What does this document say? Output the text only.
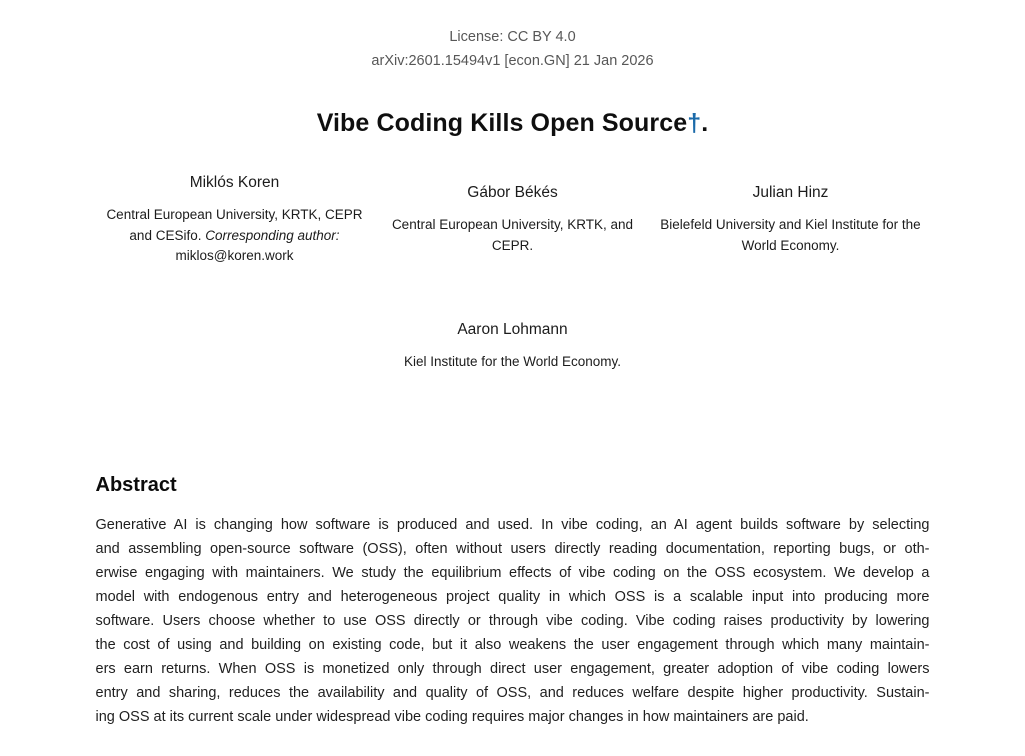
License: CC BY 4.0
arXiv:2601.15494v1 [econ.GN] 21 Jan 2026
Vibe Coding Kills Open Source†.
Miklós Koren
Central European University, KRTK, CEPR and CESifo. Corresponding author: miklos@koren.work
Gábor Békés
Central European University, KRTK, and CEPR.
Julian Hinz
Bielefeld University and Kiel Institute for the World Economy.
Aaron Lohmann
Kiel Institute for the World Economy.
Abstract
Generative AI is changing how software is produced and used. In vibe coding, an AI agent builds software by selecting
and assembling open-source software (OSS), often without users directly reading documentation, reporting bugs, or oth-
erwise engaging with maintainers. We study the equilibrium effects of vibe coding on the OSS ecosystem. We develop a
model with endogenous entry and heterogeneous project quality in which OSS is a scalable input into producing more
software. Users choose whether to use OSS directly or through vibe coding. Vibe coding raises productivity by lowering
the cost of using and building on existing code, but it also weakens the user engagement through which many maintain-
ers earn returns. When OSS is monetized only through direct user engagement, greater adoption of vibe coding lowers
entry and sharing, reduces the availability and quality of OSS, and reduces welfare despite higher productivity. Sustain-
ing OSS at its current scale under widespread vibe coding requires major changes in how maintainers are paid.
